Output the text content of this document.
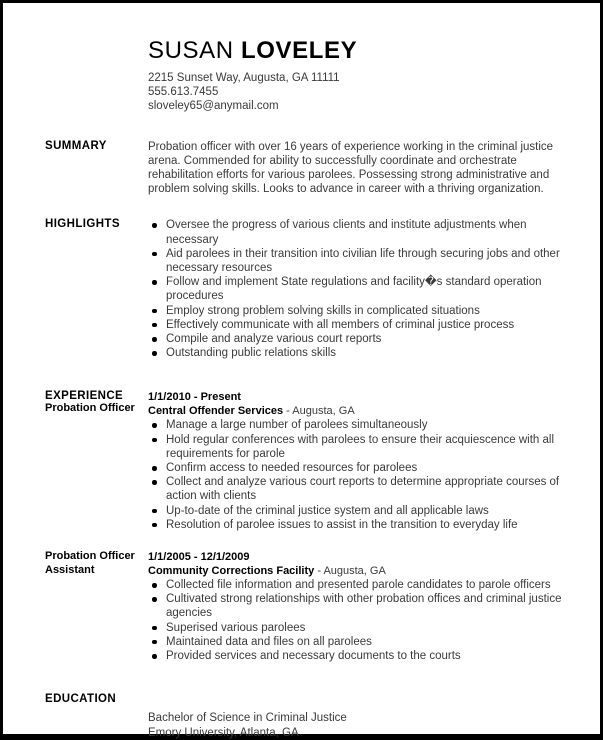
SUSAN LOVELEY
2215 Sunset Way, Augusta, GA 11111
555.613.7455
sloveley65@anymail.com
SUMMARY	Probation officer with over 16 years of experience working in the criminal justice arena. Commended for ability to successfully coordinate and orchestrate rehabilitation efforts for various parolees. Possessing strong administrative and problem solving skills. Looks to advance in career with a thriving organization.
HIGHLIGHTS	Oversee the progress of various clients and institute adjustments when necessary
Aid parolees in their transition into civilian life through securing jobs and other necessary resources
Follow and implement State regulations and facility�s standard operation procedures
Employ strong problem solving skills in complicated situations
Effectively communicate with all members of criminal justice process
Compile and analyze various court reports
Outstanding public relations skills
EXPERIENCE
Probation Officer
1/1/2010 - Present
Central Offender Services - Augusta, GA
Manage a large number of parolees simultaneously
Hold regular conferences with parolees to ensure their acquiescence with all requirements for parole
Confirm access to needed resources for parolees
Collect and analyze various court reports to determine appropriate courses of action with clients
Up-to-date of the criminal justice system and all applicable laws
Resolution of parolee issues to assist in the transition to everyday life
Probation Officer Assistant
1/1/2005 - 12/1/2009
Community Corrections Facility - Augusta, GA
Collected file information and presented parole candidates to parole officers
Cultivated strong relationships with other probation offices and criminal justice agencies
Superised various parolees
Maintained data and files on all parolees
Provided services and necessary documents to the courts
EDUCATION
Bachelor of Science in Criminal Justice
Emory University, Atlanta, GA
